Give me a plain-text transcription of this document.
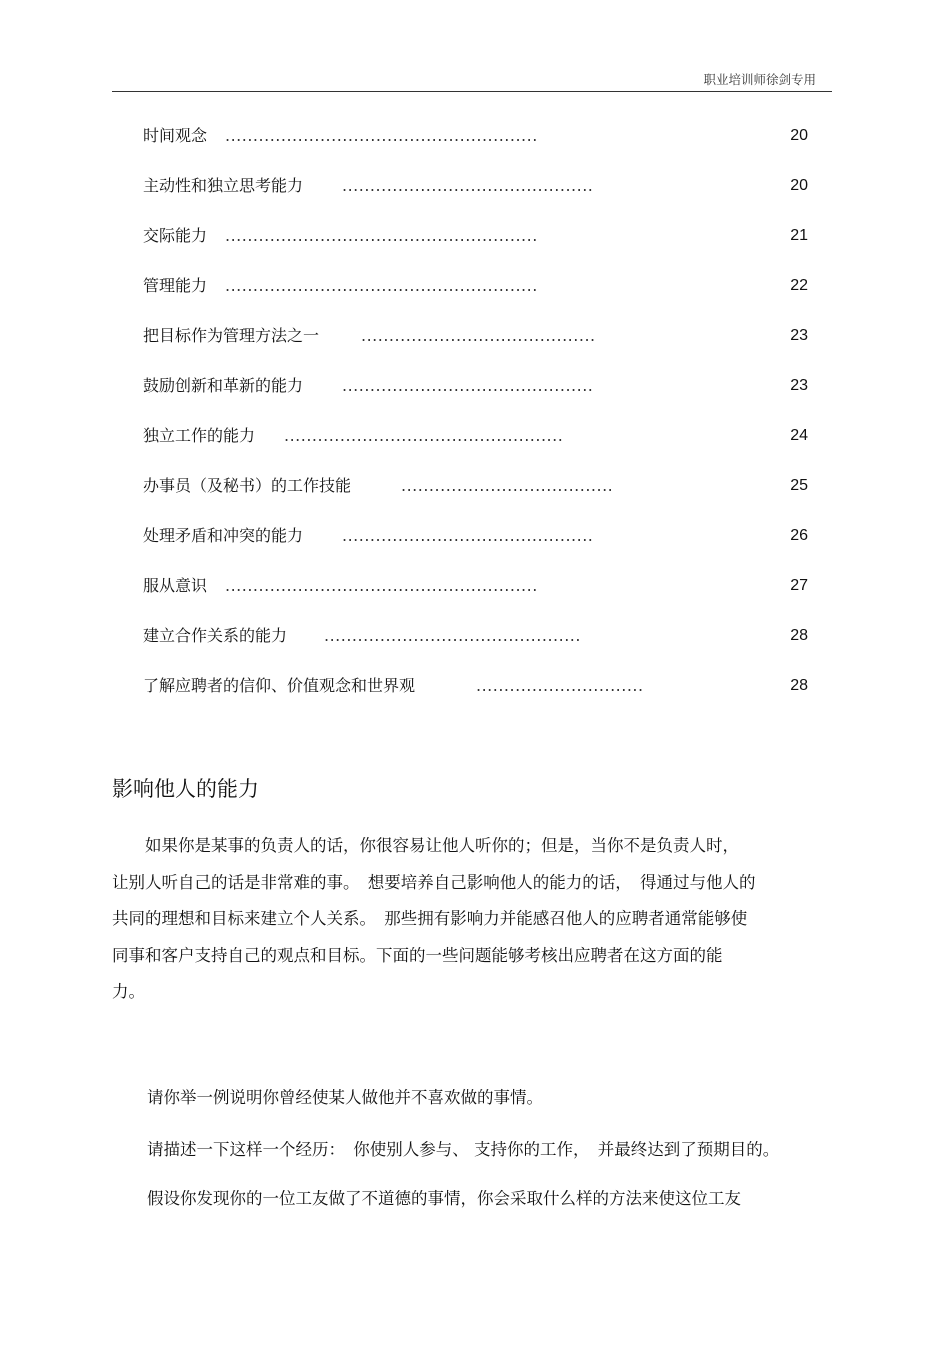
职业培训师徐剑专用
时间观念 ........................................................	20
主动性和独立思考能力 .............................................	20
交际能力 ........................................................	21
管理能力 ........................................................	22
把目标作为管理方法之一	..........................................	23
鼓励创新和革新的能力 .............................................	23
独立工作的能力 ..................................................	24
办事员（及秘书）的工作技能	......................................	25
处理矛盾和冲突的能力 .............................................	26
服从意识 ........................................................	27
建立合作关系的能力 ..............................................	28
了解应聘者的信仰、价值观念和世界观	..............................	28
影响他人的能力
　　如果你是某事的负责人的话，你很容易让他人听你的；但是，当你不是负责人时，
让别人听自己的话是非常难的事。　想要培养自己影响他人的能力的话，　得通过与他人的
共同的理想和目标来建立个人关系。　那些拥有影响力并能感召他人的应聘者通常能够使
同事和客户支持自己的观点和目标。下面的一些问题能够考核出应聘者在这方面的能
力。
请你举一例说明你曾经使某人做他并不喜欢做的事情。
请描述一下这样一个经历：　你使别人参与、 支持你的工作，　并最终达到了预期目的。
假设你发现你的一位工友做了不道德的事情，你会采取什么样的方法来使这位工友
